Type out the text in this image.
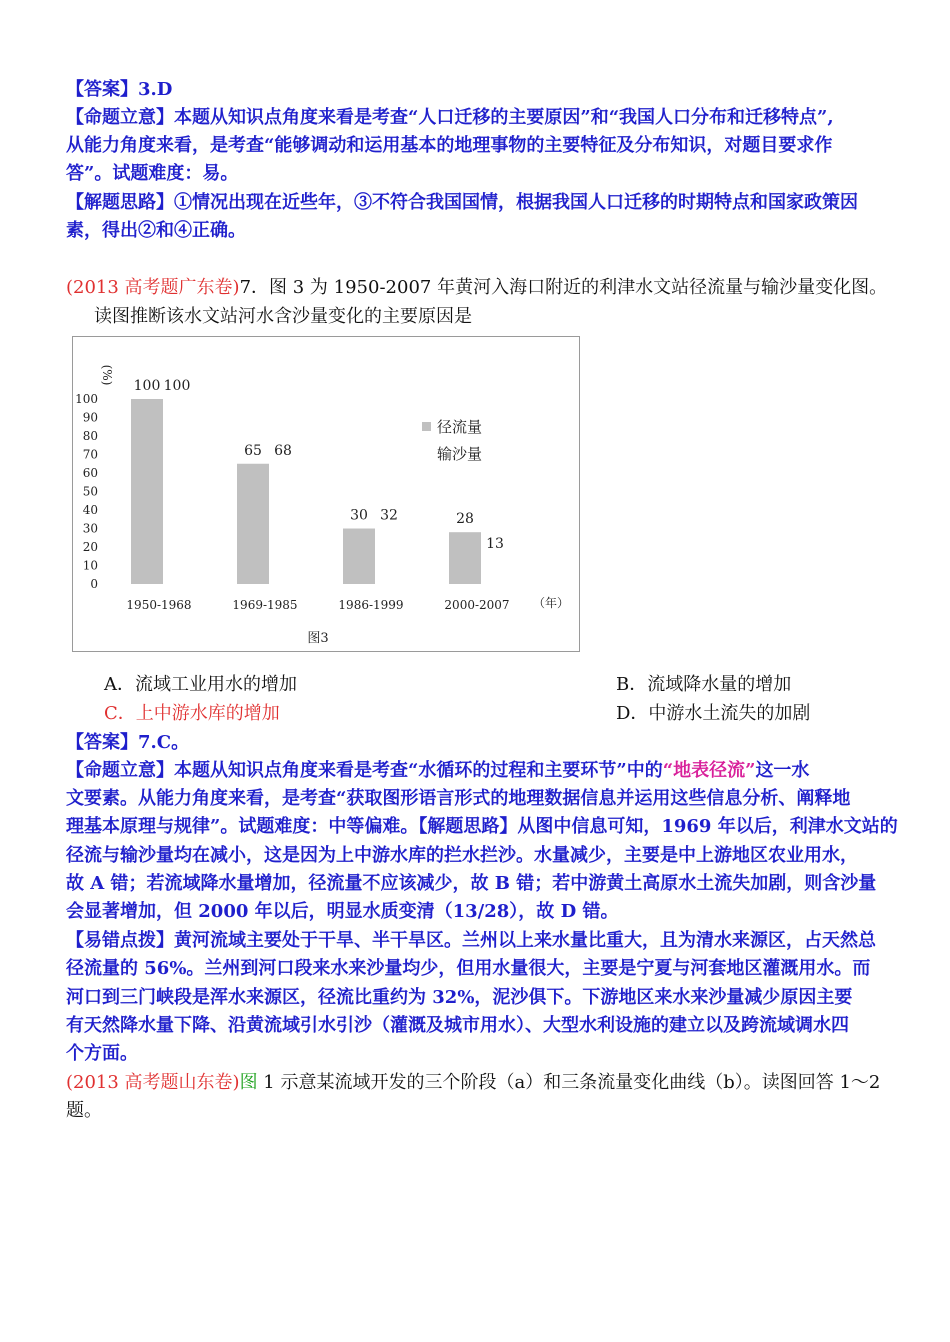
【答案】3.D
【命题立意】本题从知识点角度来看是考查“人口迁移的主要原因”和“我国人口分布和迁移特点”,
从能力角度来看，是考查“能够调动和运用基本的地理事物的主要特征及分布知识，对题目要求作
答”。试题难度：易。
【解题思路】①情况出现在近些年，③不符合我国国情，根据我国人口迁移的时期特点和国家政策因
素，得出②和④正确。
(2013 高考题广东卷)7．图 3 为 1950-2007 年黄河入海口附近的利津水文站径流量与输沙量变化图。
读图推断该水文站河水含沙量变化的主要原因是
(%)
0
10
20
30
40
50
60
70
80
90
100
100 100
1950-1968
65 68
1969-1985
30 32
1986-1999
28
13
2000-2007 （年）
径流量
输沙量
图3
A．流域工业用水的增加	B．流域降水量的增加
C．上中游水库的增加	D．中游水土流失的加剧
【答案】7.C。
【命题立意】本题从知识点角度来看是考查“水循环的过程和主要环节”中的“地表径流”这一水
文要素。从能力角度来看，是考查“获取图形语言形式的地理数据信息并运用这些信息分析、阐释地
理基本原理与规律”。试题难度：中等偏难。【解题思路】从图中信息可知，1969 年以后，利津水文站的
径流与输沙量均在减小，这是因为上中游水库的拦水拦沙。水量减少，主要是中上游地区农业用水，
故 A 错；若流域降水量增加，径流量不应该减少，故 B 错；若中游黄土高原水土流失加剧，则含沙量
会显著增加，但 2000 年以后，明显水质变清（13/28），故 D 错。
【易错点拨】黄河流域主要处于干旱、半干旱区。兰州以上来水量比重大，且为清水来源区，占天然总
径流量的 56%。兰州到河口段来水来沙量均少，但用水量很大，主要是宁夏与河套地区灌溉用水。而
河口到三门峡段是浑水来源区，径流比重约为 32%，泥沙俱下。下游地区来水来沙量减少原因主要
有天然降水量下降、沿黄流域引水引沙（灌溉及城市用水）、大型水利设施的建立以及跨流域调水四
个方面。
(2013 高考题山东卷)图 1 示意某流域开发的三个阶段（a）和三条流量变化曲线（b）。读图回答 1～2
题。
